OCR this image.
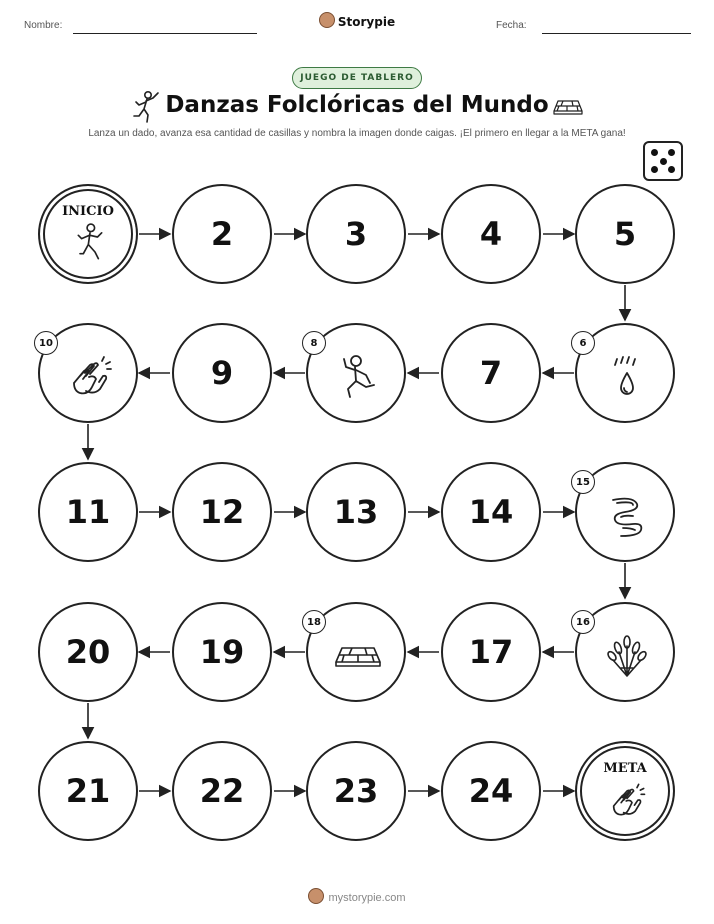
Nombre:	Storypie	Fecha:
JUEGO DE TABLERO
Danzas Folclóricas del Mundo
Lanza un dado, avanza esa cantidad de casillas y nombra la imagen donde caigas. ¡El primero en llegar a la META gana!
INICIO
2	3	4	5
10
9
8
7
6
11	12	13	14
15
20	19
18
17
16
21	22	23	24
META
mystorypie.com
